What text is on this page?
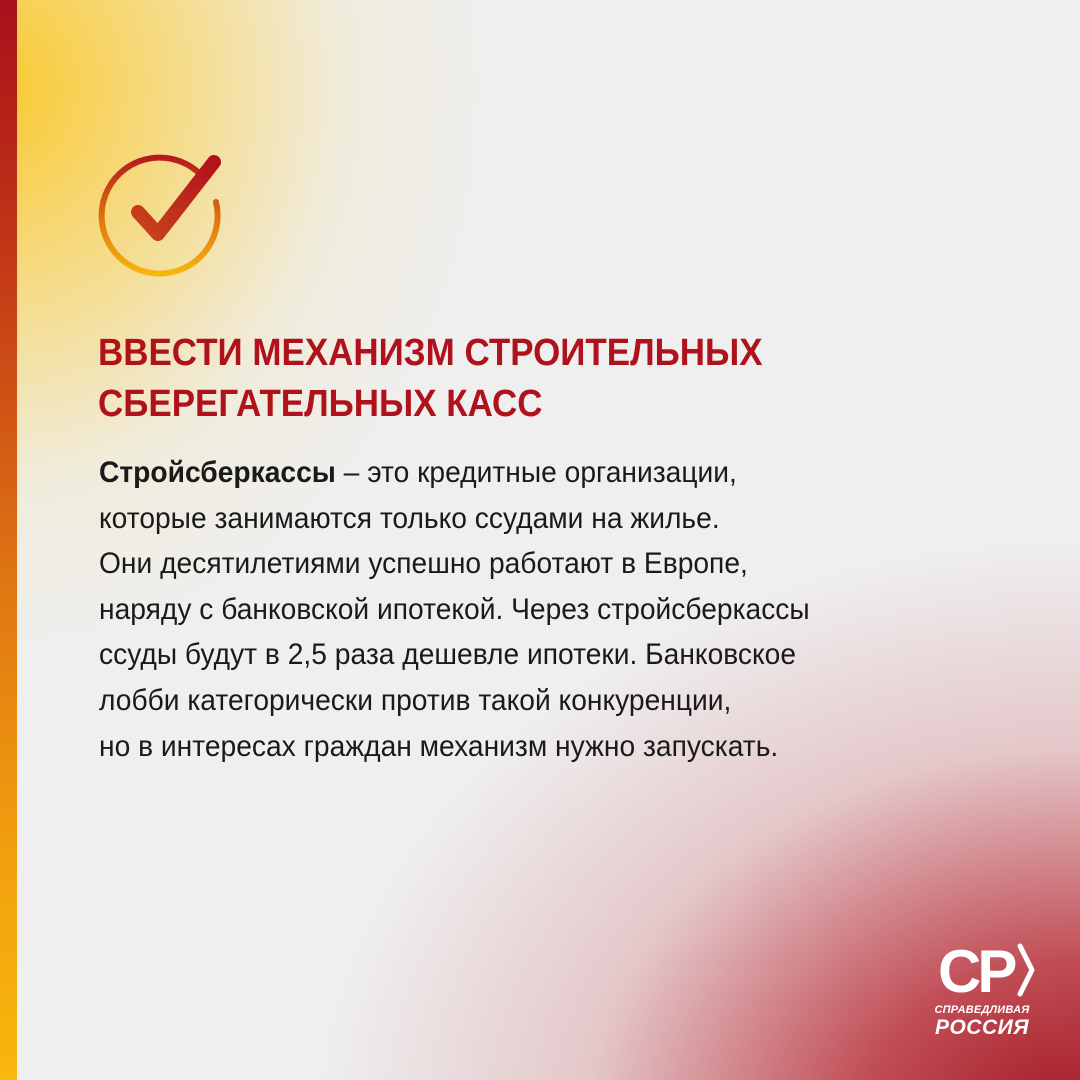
ВВЕСТИ МЕХАНИЗМ СТРОИТЕЛЬНЫХ
СБЕРЕГАТЕЛЬНЫХ КАСС
Стройсберкассы – это кредитные организации,
которые занимаются только ссудами на жилье.
Они десятилетиями успешно работают в Европе,
наряду с банковской ипотекой. Через стройсберкассы
ссуды будут в 2,5 раза дешевле ипотеки. Банковское
лобби категорически против такой конкуренции,
но в интересах граждан механизм нужно запускать.
СР
СПРАВЕДЛИВАЯ
РОССИЯ
